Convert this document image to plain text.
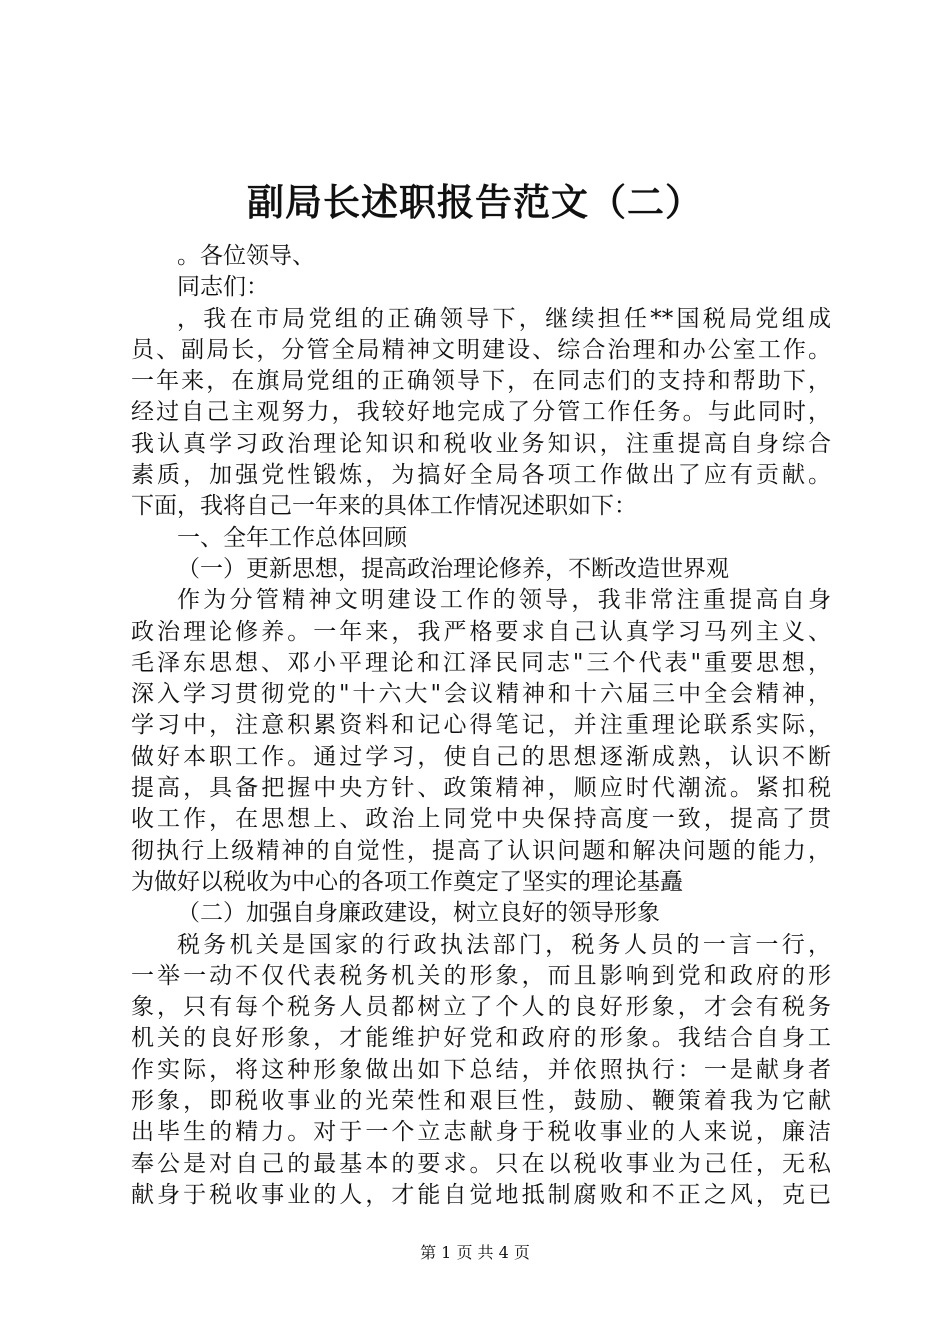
副局长述职报告范文（二）
。各位领导、
同志们：
，我在市局党组的正确领导下，继续担任**国税局党组成
员、副局长，分管全局精神文明建设、综合治理和办公室工作。
一年来，在旗局党组的正确领导下，在同志们的支持和帮助下，
经过自己主观努力，我较好地完成了分管工作任务。与此同时，
我认真学习政治理论知识和税收业务知识，注重提高自身综合
素质，加强党性锻炼，为搞好全局各项工作做出了应有贡献。
下面，我将自己一年来的具体工作情况述职如下：
一、全年工作总体回顾
（一）更新思想，提高政治理论修养，不断改造世界观
作为分管精神文明建设工作的领导，我非常注重提高自身
政治理论修养。一年来，我严格要求自己认真学习马列主义、
毛泽东思想、邓小平理论和江泽民同志"三个代表"重要思想，
深入学习贯彻党的"十六大"会议精神和十六届三中全会精神，
学习中，注意积累资料和记心得笔记，并注重理论联系实际，
做好本职工作。通过学习，使自己的思想逐渐成熟，认识不断
提高，具备把握中央方针、政策精神，顺应时代潮流。紧扣税
收工作，在思想上、政治上同党中央保持高度一致，提高了贯
彻执行上级精神的自觉性，提高了认识问题和解决问题的能力，
为做好以税收为中心的各项工作奠定了坚实的理论基矗
（二）加强自身廉政建设，树立良好的领导形象
税务机关是国家的行政执法部门，税务人员的一言一行，
一举一动不仅代表税务机关的形象，而且影响到党和政府的形
象，只有每个税务人员都树立了个人的良好形象，才会有税务
机关的良好形象，才能维护好党和政府的形象。我结合自身工
作实际，将这种形象做出如下总结，并依照执行：一是献身者
形象，即税收事业的光荣性和艰巨性，鼓励、鞭策着我为它献
出毕生的精力。对于一个立志献身于税收事业的人来说，廉洁
奉公是对自己的最基本的要求。只在以税收事业为己任，无私
献身于税收事业的人，才能自觉地抵制腐败和不正之风，克已
第 1 页 共 4 页
